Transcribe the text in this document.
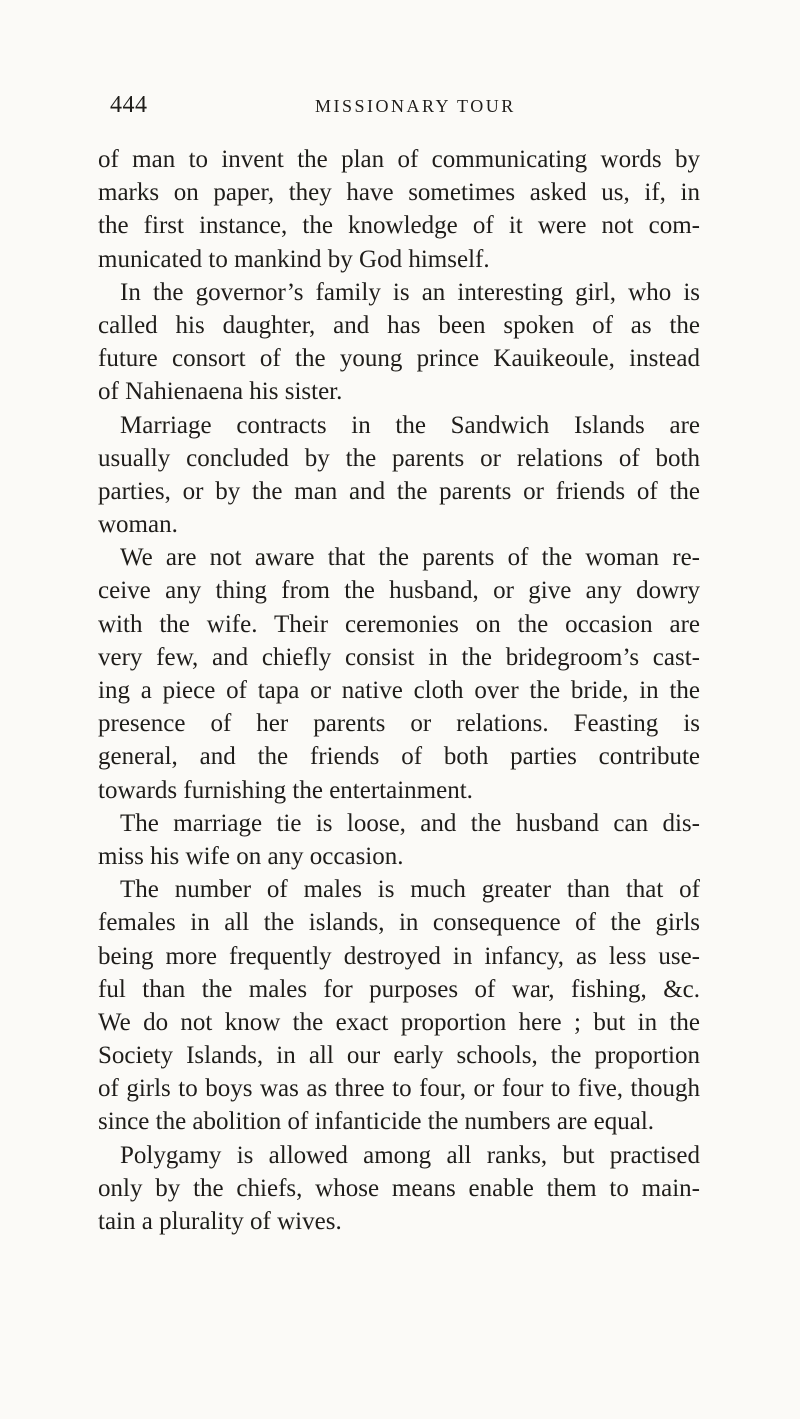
444	MISSIONARY TOUR
of man to invent the plan of communicating words by
marks on paper, they have sometimes asked us, if, in
the first instance, the knowledge of it were not com-
municated to mankind by God himself.
In the governor’s family is an interesting girl, who is
called his daughter, and has been spoken of as the
future consort of the young prince Kauikeoule, instead
of Nahienaena his sister.
Marriage contracts in the Sandwich Islands are
usually concluded by the parents or relations of both
parties, or by the man and the parents or friends of the
woman.
We are not aware that the parents of the woman re-
ceive any thing from the husband, or give any dowry
with the wife. Their ceremonies on the occasion are
very few, and chiefly consist in the bridegroom’s cast-
ing a piece of tapa or native cloth over the bride, in the
presence of her parents or relations. Feasting is
general, and the friends of both parties contribute
towards furnishing the entertainment.
The marriage tie is loose, and the husband can dis-
miss his wife on any occasion.
The number of males is much greater than that of
females in all the islands, in consequence of the girls
being more frequently destroyed in infancy, as less use-
ful than the males for purposes of war, fishing, &c.
We do not know the exact proportion here ; but in the
Society Islands, in all our early schools, the proportion
of girls to boys was as three to four, or four to five, though
since the abolition of infanticide the numbers are equal.
Polygamy is allowed among all ranks, but practised
only by the chiefs, whose means enable them to main-
tain a plurality of wives.
